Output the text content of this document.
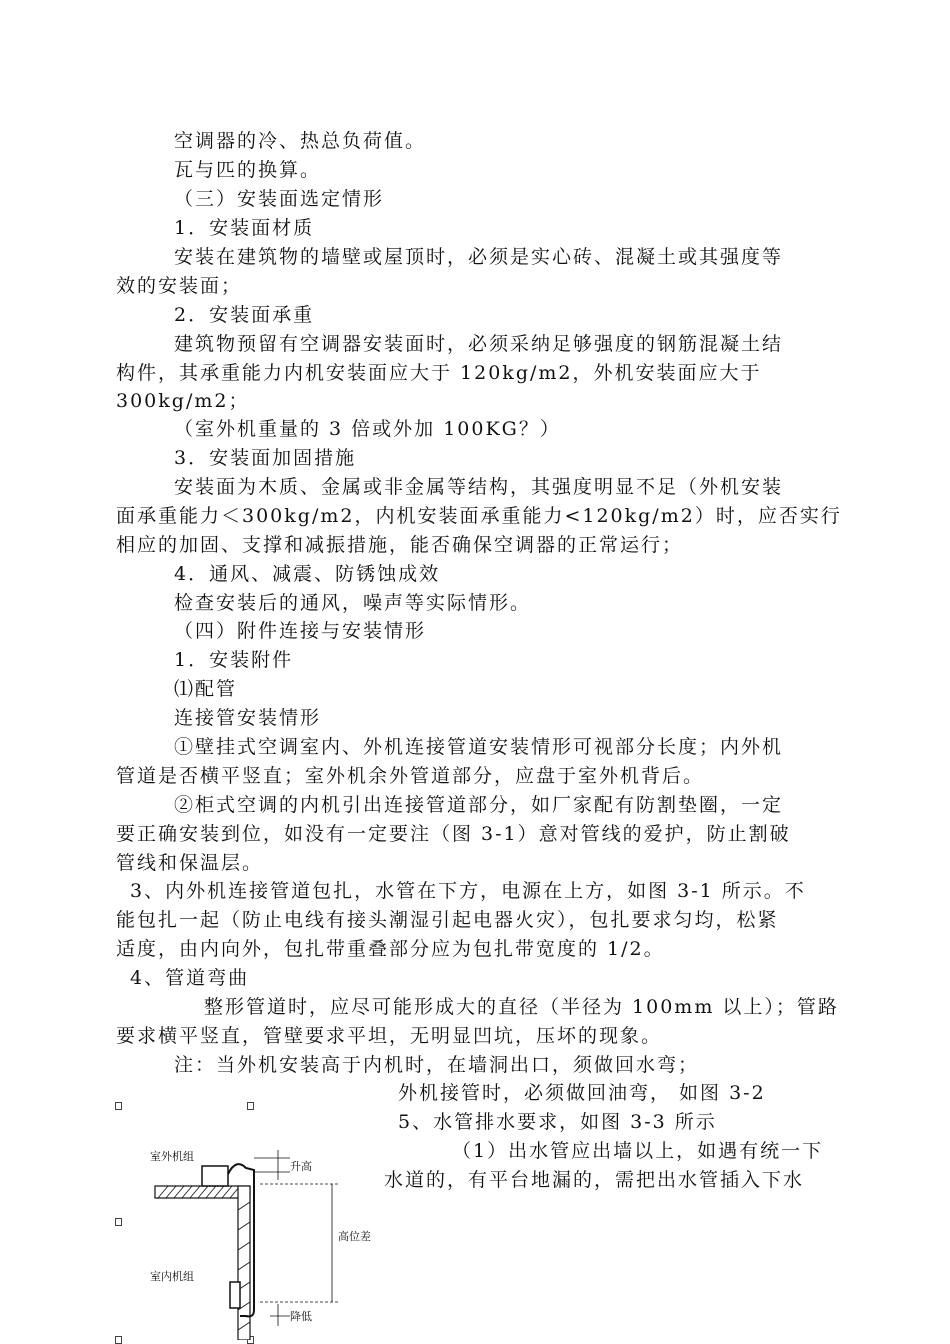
空调器的冷、热总负荷值。
瓦与匹的换算。
（三）安装面选定情形
1．安装面材质
安装在建筑物的墙壁或屋顶时，必须是实心砖、混凝土或其强度等
效的安装面；
2．安装面承重
建筑物预留有空调器安装面时，必须采纳足够强度的钢筋混凝土结
构件，其承重能力内机安装面应大于 120kg/m2，外机安装面应大于
300kg/m2；
（室外机重量的 3 倍或外加 100KG？）
3．安装面加固措施
安装面为木质、金属或非金属等结构，其强度明显不足（外机安装
面承重能力＜300kg/m2，内机安装面承重能力<120kg/m2）时，应否实行
相应的加固、支撑和减振措施，能否确保空调器的正常运行；
4．通风、减震、防锈蚀成效
检查安装后的通风，噪声等实际情形。
（四）附件连接与安装情形
1．安装附件
⑴配管
连接管安装情形
①壁挂式空调室内、外机连接管道安装情形可视部分长度；内外机
管道是否横平竖直；室外机余外管道部分，应盘于室外机背后。
②柜式空调的内机引出连接管道部分，如厂家配有防割垫圈，一定
要正确安装到位，如没有一定要注（图 3-1）意对管线的爱护，防止割破
管线和保温层。
3、内外机连接管道包扎，水管在下方，电源在上方，如图 3-1 所示。不
能包扎一起（防止电线有接头潮湿引起电器火灾），包扎要求匀均，松紧
适度，由内向外，包扎带重叠部分应为包扎带宽度的 1/2。
4、管道弯曲
整形管道时，应尽可能形成大的直径（半径为 100mm 以上）；管路
要求横平竖直，管壁要求平坦，无明显凹坑，压坏的现象。
注：当外机安装高于内机时，在墙洞出口，须做回水弯；
外机接管时，必须做回油弯， 如图 3-2
5、水管排水要求，如图 3-3 所示
（1）出水管应出墙以上，如遇有统一下
水道的，有平台地漏的，需把出水管插入下水
室外机组
室内机组
升高
高位差
降低
